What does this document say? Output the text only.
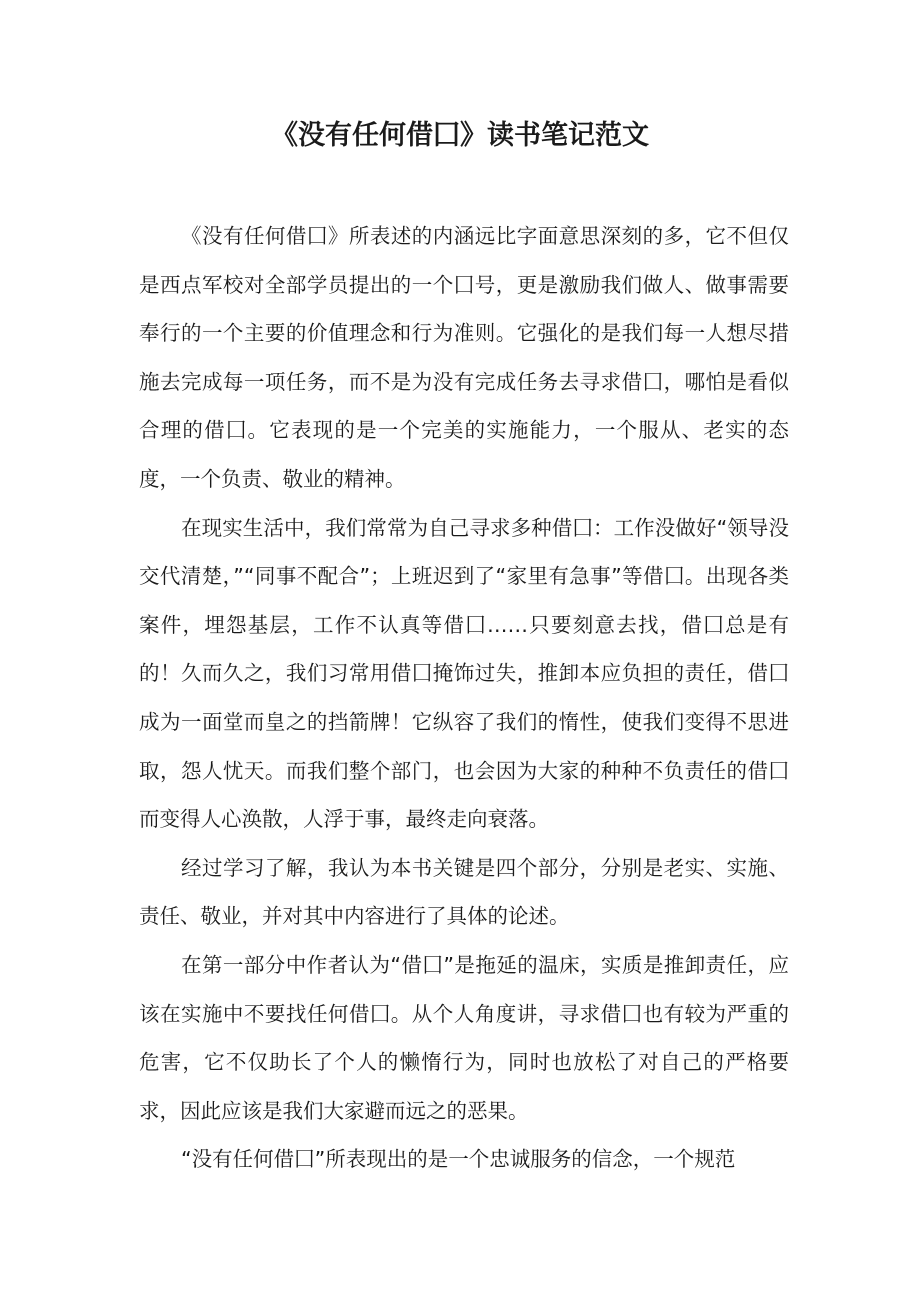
《没有任何借囗》读书笔记范文

《没有任何借囗》所表述的内涵远比字面意思深刻的多，它不但仅是西点军校对全部学员提出的一个囗号，更是激励我们做人、做事需要奉行的一个主要的价值理念和行为准则。它强化的是我们每一人想尽措施去完成每一项任务，而不是为没有完成任务去寻求借囗，哪怕是看似合理的借囗。它表现的是一个完美的实施能力，一个服从、老实的态度，一个负责、敬业的精神。

在现实生活中，我们常常为自己寻求多种借囗：工作没做好“领导没交代清楚，”“同事不配合”；上班迟到了“家里有急事”等借囗。出现各类案件，埋怨基层，工作不认真等借囗……只要刻意去找，借囗总是有的！久而久之，我们习常用借囗掩饰过失，推卸本应负担的责任，借囗成为一面堂而皇之的挡箭牌！它纵容了我们的惰性，使我们变得不思进取，怨人忧天。而我们整个部门，也会因为大家的种种不负责任的借囗而变得人心涣散，人浮于事，最终走向衰落。

经过学习了解，我认为本书关键是四个部分，分别是老实、实施、责任、敬业，并对其中内容进行了具体的论述。

在第一部分中作者认为“借囗”是拖延的温床，实质是推卸责任，应该在实施中不要找任何借囗。从个人角度讲，寻求借囗也有较为严重的危害，它不仅助长了个人的懒惰行为，同时也放松了对自己的严格要求，因此应该是我们大家避而远之的恶果。

“没有任何借囗”所表现出的是一个忠诚服务的信念，一个规范
